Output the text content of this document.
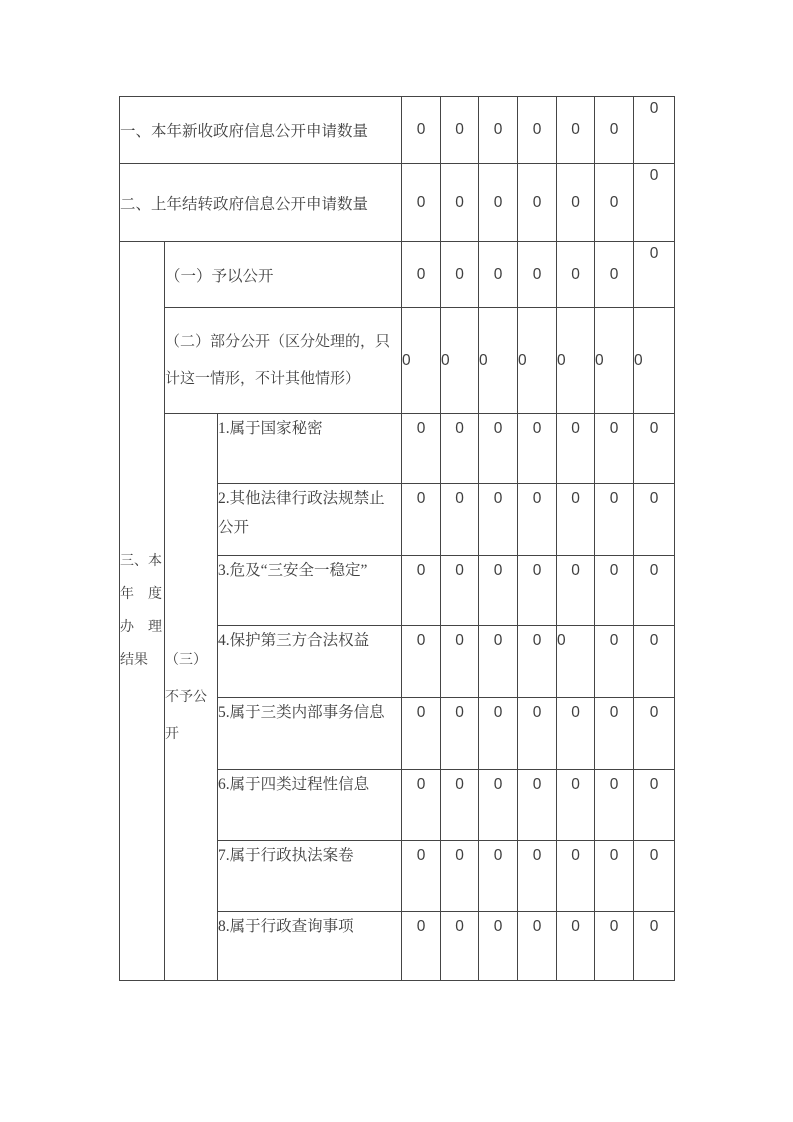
一、本年新收政府信息公开申请数量			0	0	0	0	0	0	0
二、上年结转政府信息公开申请数量			0	0	0	0	0	0	0

三、本
年　度
办　理
结果	（一）予以公开		0	0	0	0	0	0	0

	（二）部分公开（区分处理的，只
计这一情形，不计其他情形）		0	0	0	0	0	0	0

	（三）
不予公
开	1.属于国家秘密	0	0	0	0	0	0	0

		2.其他法律行政法规禁止
公开	0	0	0	0	0	0	0
		3.危及“三安全一稳定”	0	0	0	0	0	0	0
		4.保护第三方合法权益	0	0	0	0	0	0	0
		5.属于三类内部事务信息	0	0	0	0	0	0	0
		6.属于四类过程性信息	0	0	0	0	0	0	0
		7.属于行政执法案卷	0	0	0	0	0	0	0
		8.属于行政查询事项	0	0	0	0	0	0	0
